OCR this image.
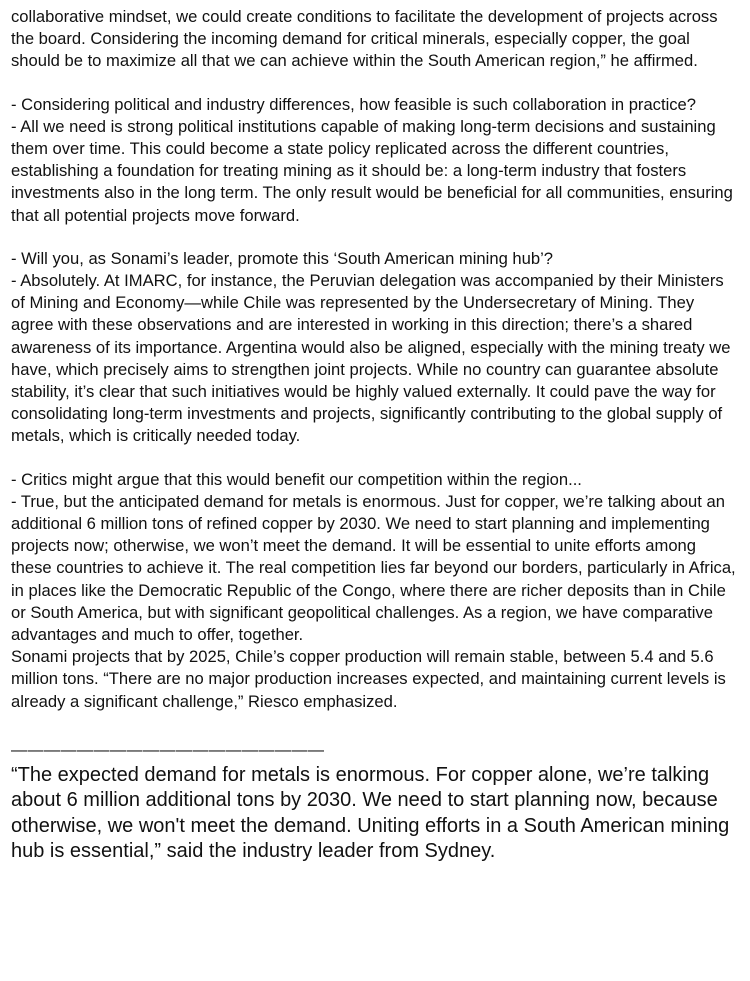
collaborative mindset, we could create conditions to facilitate the development of projects across the board. Considering the incoming demand for critical minerals, especially copper, the goal should be to maximize all that we can achieve within the South American region,” he affirmed.

- Considering political and industry differences, how feasible is such collaboration in practice?

- All we need is strong political institutions capable of making long-term decisions and sustaining them over time. This could become a state policy replicated across the different countries, establishing a foundation for treating mining as it should be: a long-term industry that fosters investments also in the long term. The only result would be beneficial for all communities, ensuring that all potential projects move forward.

- Will you, as Sonami’s leader, promote this ‘South American mining hub’?

- Absolutely. At IMARC, for instance, the Peruvian delegation was accompanied by their Ministers of Mining and Economy—while Chile was represented by the Undersecretary of Mining. They agree with these observations and are interested in working in this direction; there’s a shared awareness of its importance. Argentina would also be aligned, especially with the mining treaty we have, which precisely aims to strengthen joint projects. While no country can guarantee absolute stability, it’s clear that such initiatives would be highly valued externally. It could pave the way for consolidating long-term investments and projects, significantly contributing to the global supply of metals, which is critically needed today.

- Critics might argue that this would benefit our competition within the region...

- True, but the anticipated demand for metals is enormous. Just for copper, we’re talking about an additional 6 million tons of refined copper by 2030. We need to start planning and implementing projects now; otherwise, we won’t meet the demand. It will be essential to unite efforts among these countries to achieve it. The real competition lies far beyond our borders, particularly in Africa, in places like the Democratic Republic of the Congo, where there are richer deposits than in Chile or South America, but with significant geopolitical challenges. As a region, we have comparative advantages and much to offer, together.

Sonami projects that by 2025, Chile’s copper production will remain stable, between 5.4 and 5.6 million tons. “There are no major production increases expected, and maintaining current levels is already a significant challenge,” Riesco emphasized.

———————————————————

“The expected demand for metals is enormous. For copper alone, we’re talking about 6 million additional tons by 2030. We need to start planning now, because otherwise, we won't meet the demand. Uniting efforts in a South American mining hub is essential,” said the industry leader from Sydney.
